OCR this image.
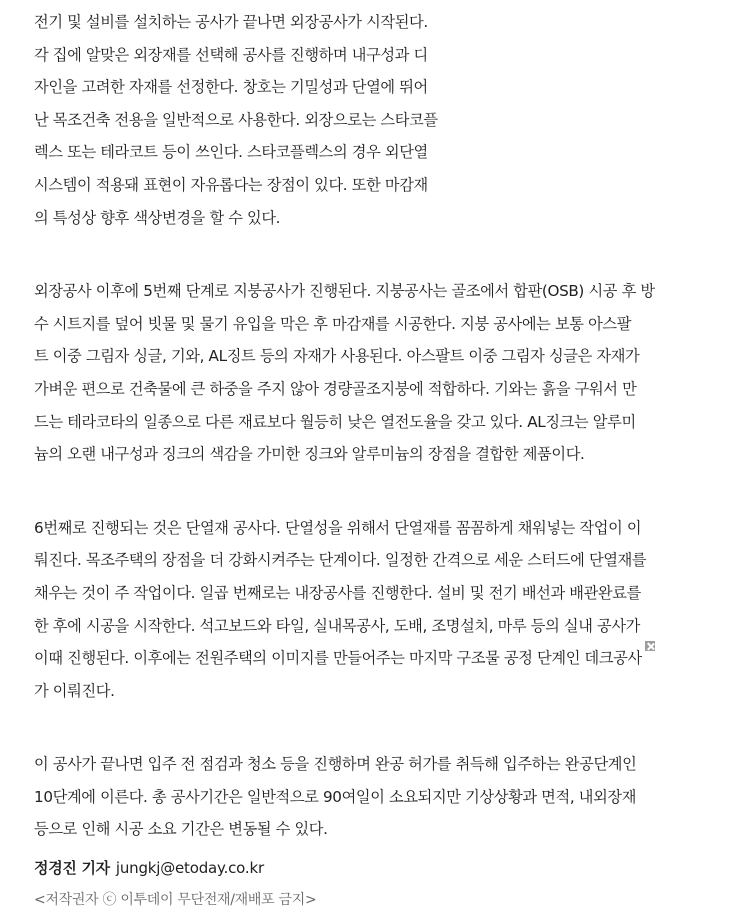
전기 및 설비를 설치하는 공사가 끝나면 외장공사가 시작된다.
각 집에 알맞은 외장재를 선택해 공사를 진행하며 내구성과 디
자인을 고려한 자재를 선정한다. 창호는 기밀성과 단열에 뛰어
난 목조건축 전용을 일반적으로 사용한다. 외장으로는 스타코플
렉스 또는 테라코트 등이 쓰인다. 스타코플렉스의 경우 외단열
시스템이 적용돼 표현이 자유롭다는 장점이 있다. 또한 마감재
의 특성상 향후 색상변경을 할 수 있다.
외장공사 이후에 5번째 단계로 지붕공사가 진행된다. 지붕공사는 골조에서 합판(OSB) 시공 후 방
수 시트지를 덮어 빗물 및 물기 유입을 막은 후 마감재를 시공한다. 지붕 공사에는 보통 아스팔
트 이중 그림자 싱글, 기와, AL징트 등의 자재가 사용된다. 아스팔트 이중 그림자 싱글은 자재가
가벼운 편으로 건축물에 큰 하중을 주지 않아 경량골조지붕에 적합하다. 기와는 흙을 구워서 만
드는 테라코타의 일종으로 다른 재료보다 월등히 낮은 열전도율을 갖고 있다. AL징크는 알루미
늄의 오랜 내구성과 징크의 색감을 가미한 징크와 알루미늄의 장점을 결합한 제품이다.
6번째로 진행되는 것은 단열재 공사다. 단열성을 위해서 단열재를 꼼꼼하게 채워넣는 작업이 이
뤄진다. 목조주택의 장점을 더 강화시켜주는 단계이다. 일정한 간격으로 세운 스터드에 단열재를
채우는 것이 주 작업이다. 일곱 번째로는 내장공사를 진행한다. 설비 및 전기 배선과 배관완료를
한 후에 시공을 시작한다. 석고보드와 타일, 실내목공사, 도배, 조명설치, 마루 등의 실내 공사가
이때 진행된다. 이후에는 전원주택의 이미지를 만들어주는 마지막 구조물 공정 단계인 데크공사
가 이뤄진다.
이 공사가 끝나면 입주 전 점검과 청소 등을 진행하며 완공 허가를 취득해 입주하는 완공단계인
10단계에 이른다. 총 공사기간은 일반적으로 90여일이 소요되지만 기상상황과 면적, 내외장재
등으로 인해 시공 소요 기간은 변동될 수 있다.
정경진 기자 jungkj@etoday.co.kr
<저작권자 ⓒ 이투데이 무단전재/재배포 금지>
